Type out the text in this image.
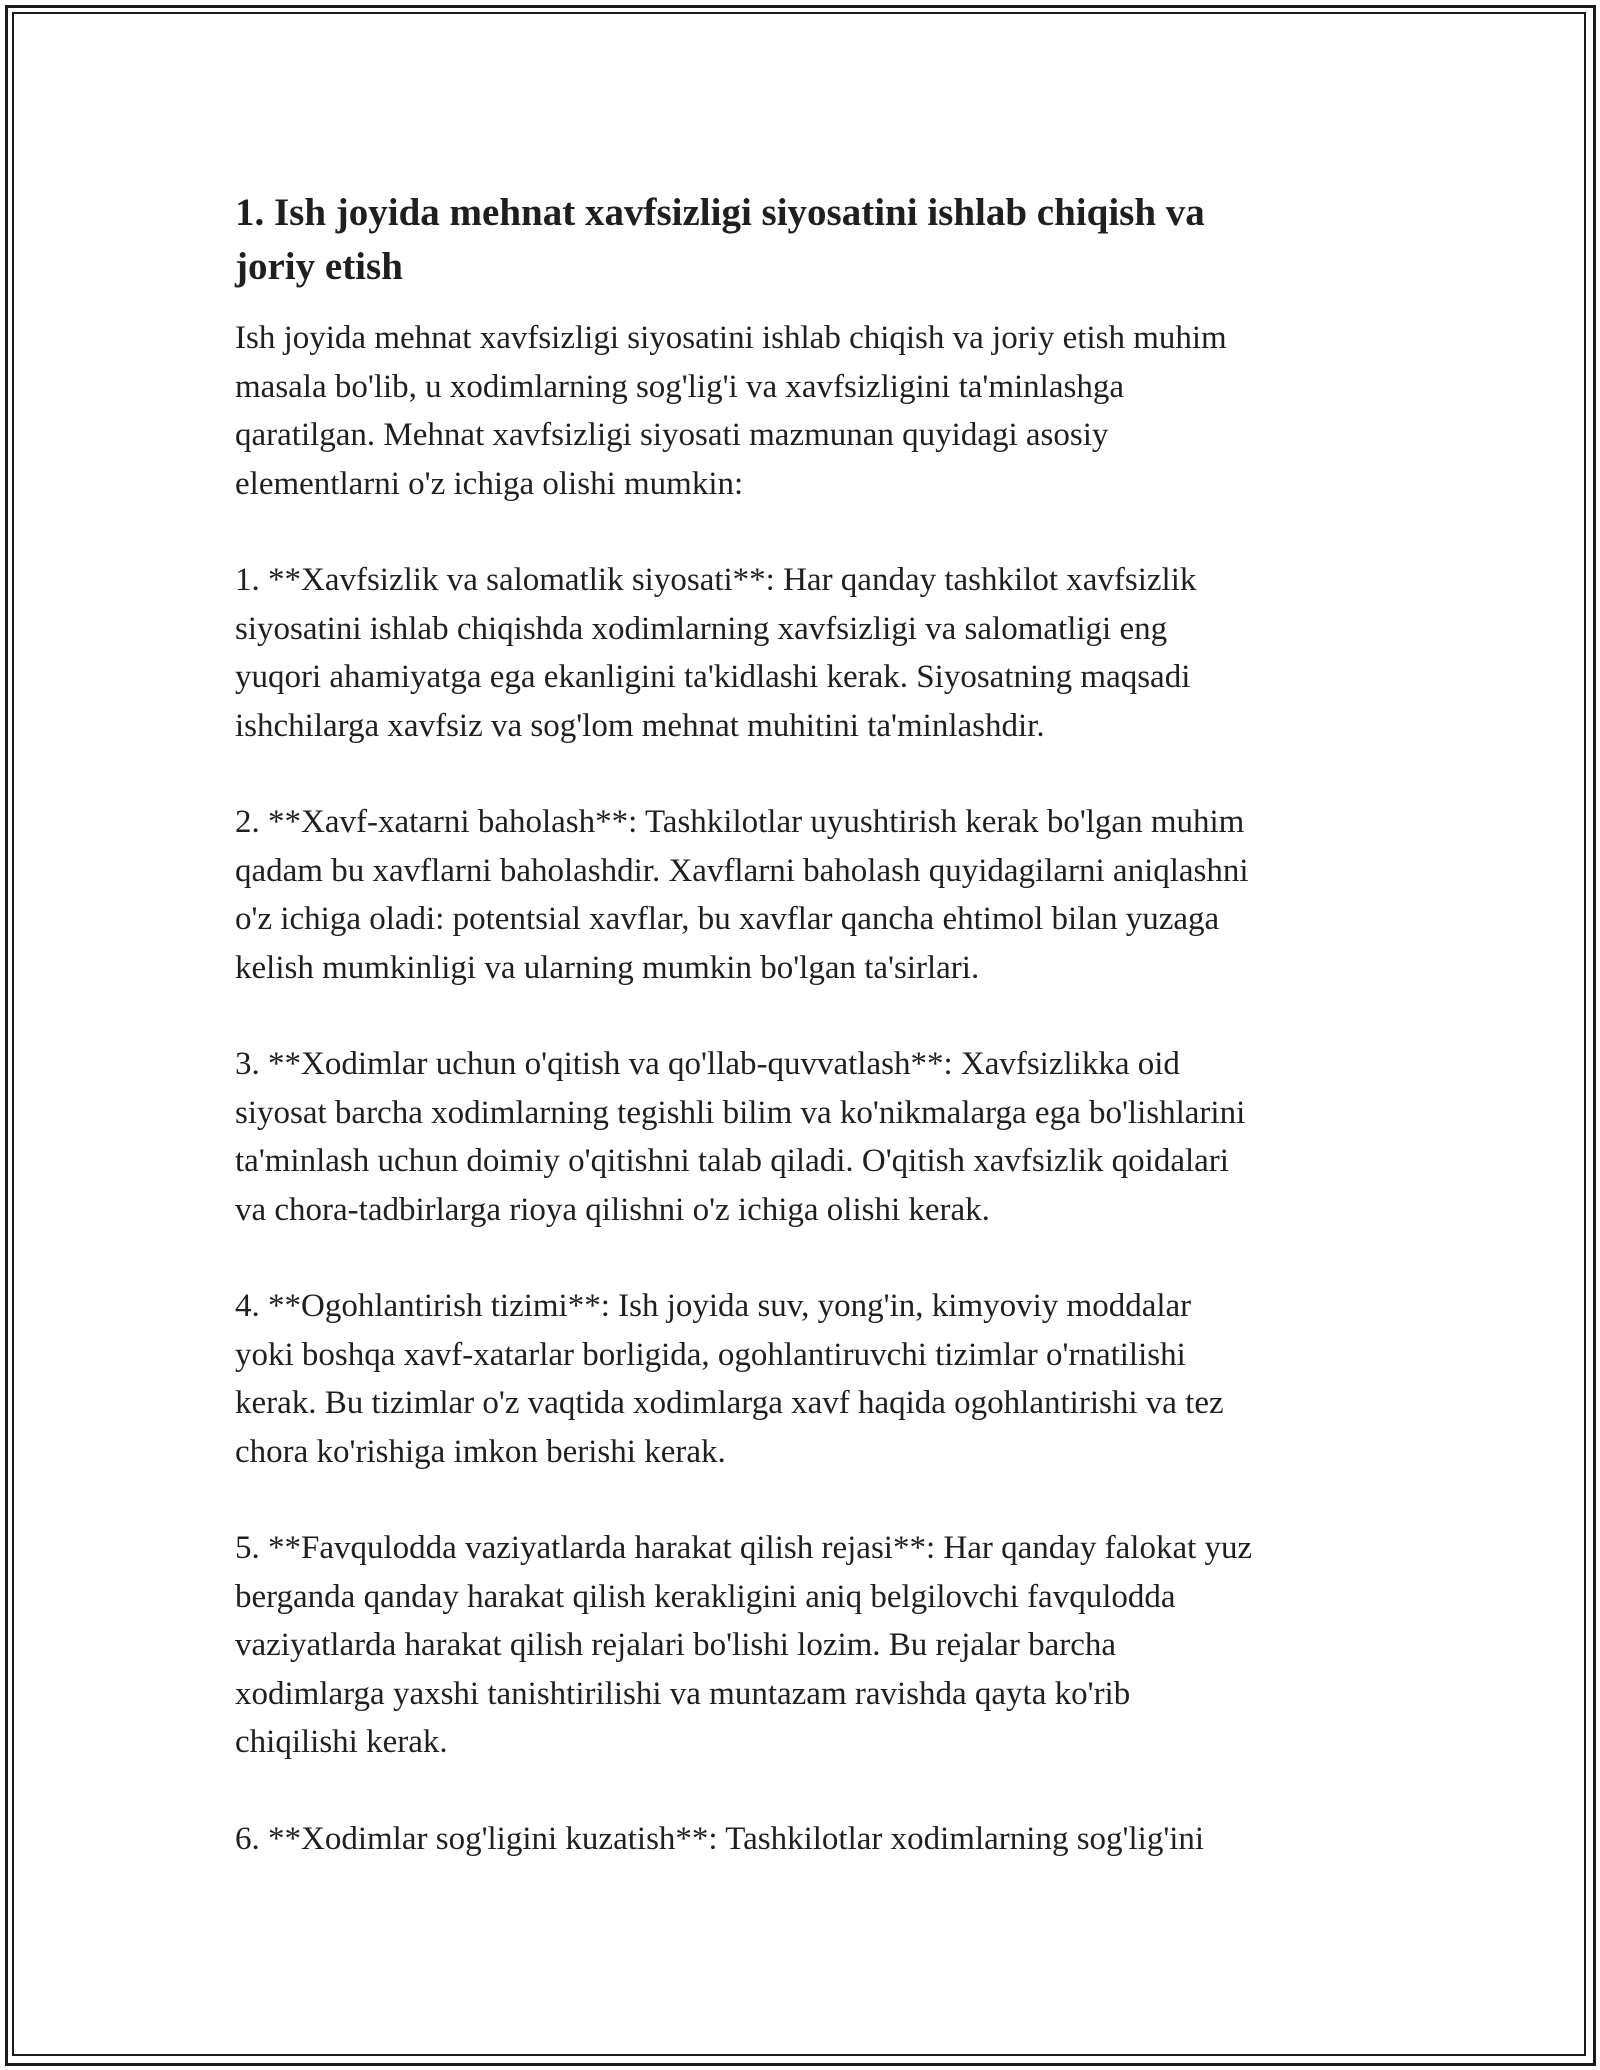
1. Ish joyida mehnat xavfsizligi siyosatini ishlab chiqish va
joriy etish

Ish joyida mehnat xavfsizligi siyosatini ishlab chiqish va joriy etish muhim
masala bo'lib, u xodimlarning sog'lig'i va xavfsizligini ta'minlashga
qaratilgan. Mehnat xavfsizligi siyosati mazmunan quyidagi asosiy
elementlarni o'z ichiga olishi mumkin:

1. **Xavfsizlik va salomatlik siyosati**: Har qanday tashkilot xavfsizlik
siyosatini ishlab chiqishda xodimlarning xavfsizligi va salomatligi eng
yuqori ahamiyatga ega ekanligini ta'kidlashi kerak. Siyosatning maqsadi
ishchilarga xavfsiz va sog'lom mehnat muhitini ta'minlashdir.

2. **Xavf-xatarni baholash**: Tashkilotlar uyushtirish kerak bo'lgan muhim
qadam bu xavflarni baholashdir. Xavflarni baholash quyidagilarni aniqlashni
o'z ichiga oladi: potentsial xavflar, bu xavflar qancha ehtimol bilan yuzaga
kelish mumkinligi va ularning mumkin bo'lgan ta'sirlari.

3. **Xodimlar uchun o'qitish va qo'llab-quvvatlash**: Xavfsizlikka oid
siyosat barcha xodimlarning tegishli bilim va ko'nikmalarga ega bo'lishlarini
ta'minlash uchun doimiy o'qitishni talab qiladi. O'qitish xavfsizlik qoidalari
va chora-tadbirlarga rioya qilishni o'z ichiga olishi kerak.

4. **Ogohlantirish tizimi**: Ish joyida suv, yong'in, kimyoviy moddalar
yoki boshqa xavf-xatarlar borligida, ogohlantiruvchi tizimlar o'rnatilishi
kerak. Bu tizimlar o'z vaqtida xodimlarga xavf haqida ogohlantirishi va tez
chora ko'rishiga imkon berishi kerak.

5. **Favqulodda vaziyatlarda harakat qilish rejasi**: Har qanday falokat yuz
berganda qanday harakat qilish kerakligini aniq belgilovchi favqulodda
vaziyatlarda harakat qilish rejalari bo'lishi lozim. Bu rejalar barcha
xodimlarga yaxshi tanishtirilishi va muntazam ravishda qayta ko'rib
chiqilishi kerak.

6. **Xodimlar sog'ligini kuzatish**: Tashkilotlar xodimlarning sog'lig'ini
